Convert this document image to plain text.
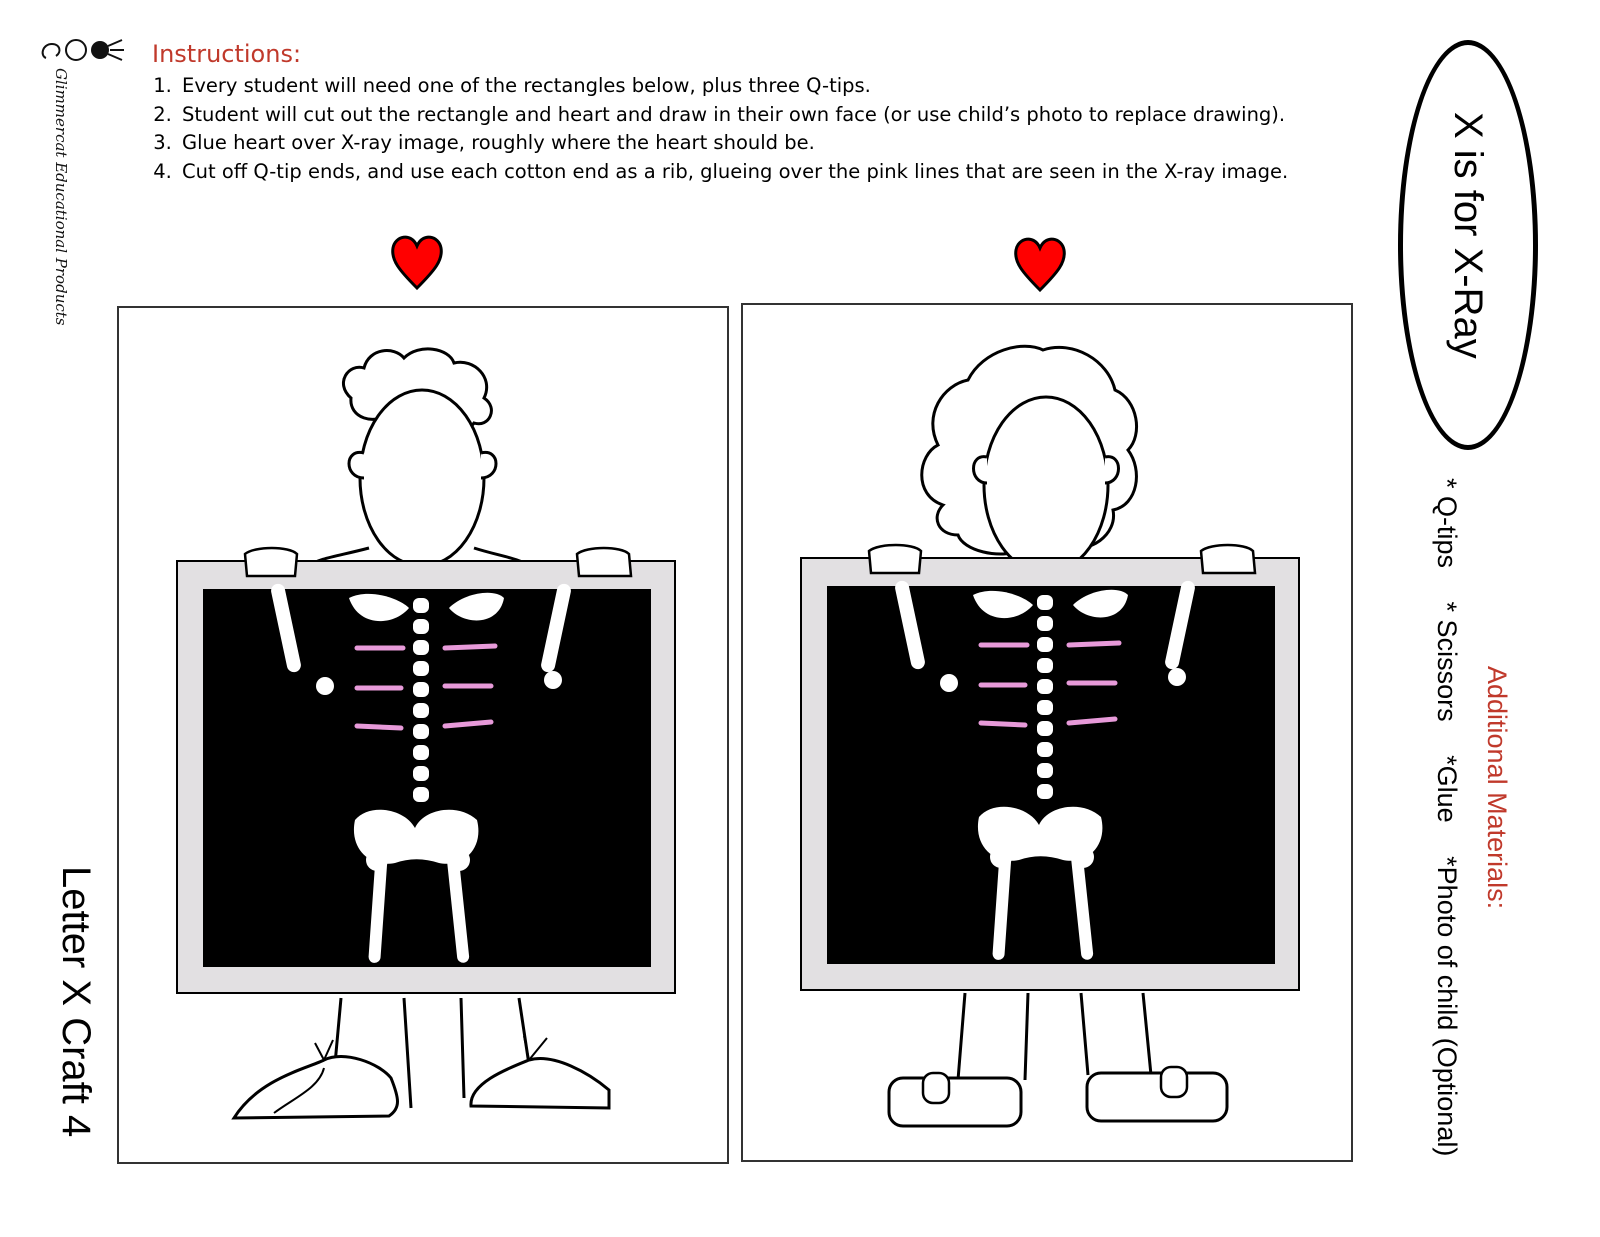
Glimmercat Educational Products
Instructions:
1. Every student will need one of the rectangles below, plus three Q-tips.
2. Student will cut out the rectangle and heart and draw in their own face (or use child’s photo to replace drawing).
3. Glue heart over X-ray image, roughly where the heart should be.
4. Cut off Q-tip ends, and use each cotton end as a rib, glueing over the pink lines that are seen in the X-ray image.
Letter X Craft 4
X is for X-Ray
Additional Materials:
* Q-tips * Scissors *Glue *Photo of child (Optional)
